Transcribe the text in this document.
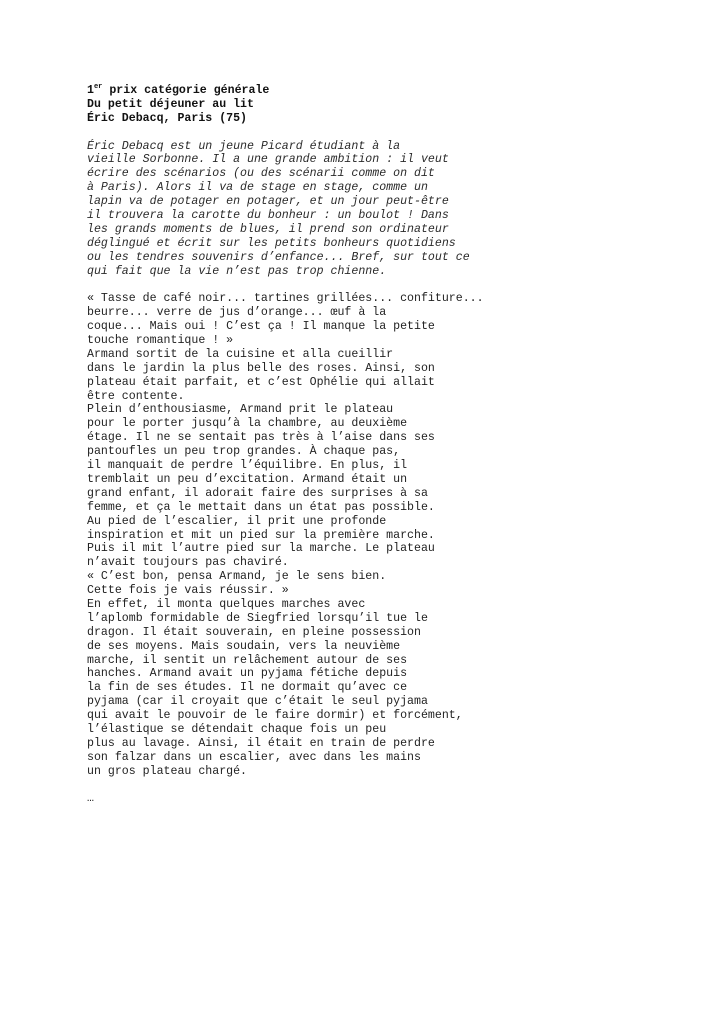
1er prix catégorie générale
Du petit déjeuner au lit
Éric Debacq, Paris (75)
Éric Debacq est un jeune Picard étudiant à la
vieille Sorbonne. Il a une grande ambition : il veut
écrire des scénarios (ou des scénarii comme on dit
à Paris). Alors il va de stage en stage, comme un
lapin va de potager en potager, et un jour peut-être
il trouvera la carotte du bonheur : un boulot ! Dans
les grands moments de blues, il prend son ordinateur
déglingué et écrit sur les petits bonheurs quotidiens
ou les tendres souvenirs d’enfance... Bref, sur tout ce
qui fait que la vie n’est pas trop chienne.
« Tasse de café noir... tartines grillées... confiture...
beurre... verre de jus d’orange... œuf à la
coque... Mais oui ! C’est ça ! Il manque la petite
touche romantique ! »
Armand sortit de la cuisine et alla cueillir
dans le jardin la plus belle des roses. Ainsi, son
plateau était parfait, et c’est Ophélie qui allait
être contente.
Plein d’enthousiasme, Armand prit le plateau
pour le porter jusqu’à la chambre, au deuxième
étage. Il ne se sentait pas très à l’aise dans ses
pantoufles un peu trop grandes. À chaque pas,
il manquait de perdre l’équilibre. En plus, il
tremblait un peu d’excitation. Armand était un
grand enfant, il adorait faire des surprises à sa
femme, et ça le mettait dans un état pas possible.
Au pied de l’escalier, il prit une profonde
inspiration et mit un pied sur la première marche.
Puis il mit l’autre pied sur la marche. Le plateau
n’avait toujours pas chaviré.
« C’est bon, pensa Armand, je le sens bien.
Cette fois je vais réussir. »
En effet, il monta quelques marches avec
l’aplomb formidable de Siegfried lorsqu’il tue le
dragon. Il était souverain, en pleine possession
de ses moyens. Mais soudain, vers la neuvième
marche, il sentit un relâchement autour de ses
hanches. Armand avait un pyjama fétiche depuis
la fin de ses études. Il ne dormait qu’avec ce
pyjama (car il croyait que c’était le seul pyjama
qui avait le pouvoir de le faire dormir) et forcément,
l’élastique se détendait chaque fois un peu
plus au lavage. Ainsi, il était en train de perdre
son falzar dans un escalier, avec dans les mains
un gros plateau chargé.
…
